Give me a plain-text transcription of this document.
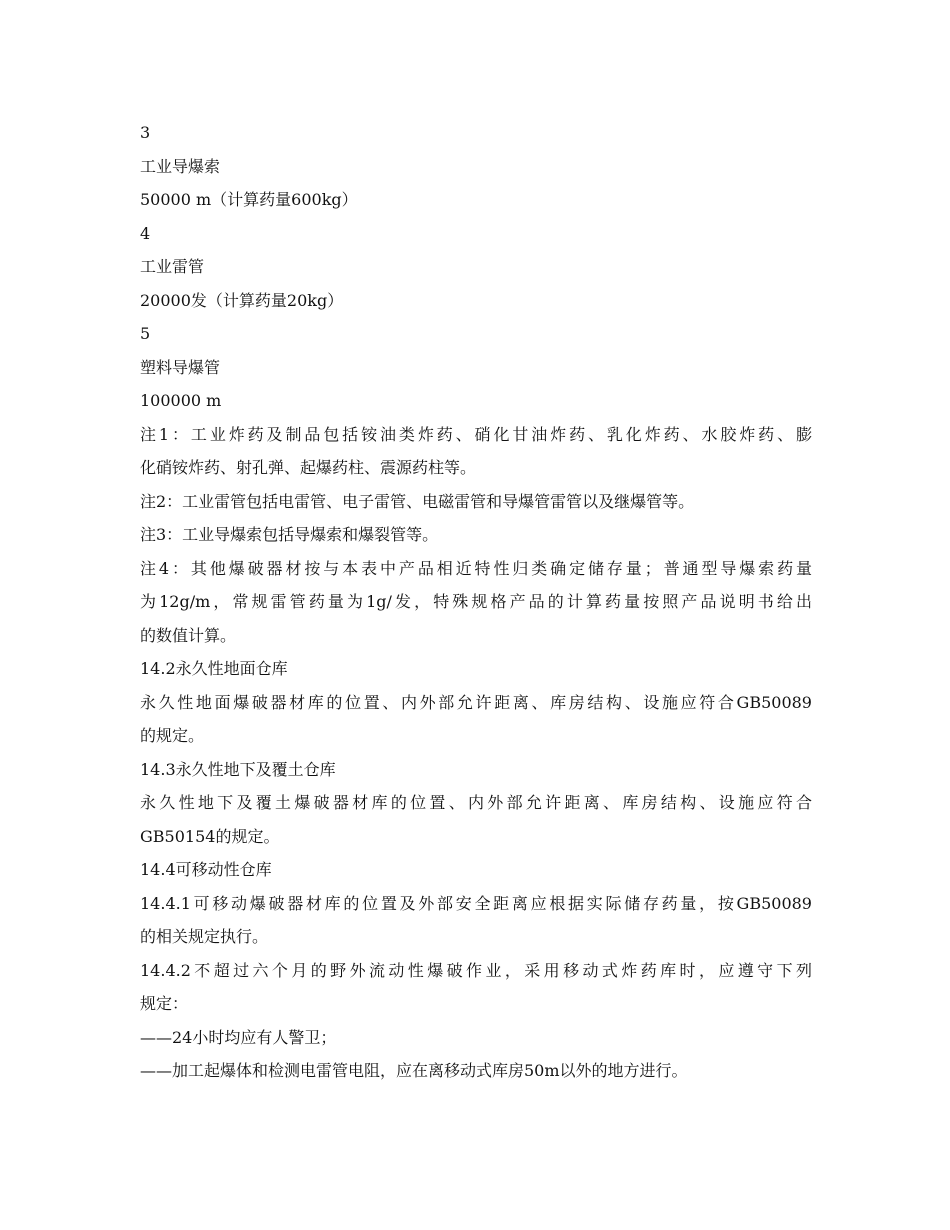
3

工业导爆索

50000 m（计算药量600kg）

4

工业雷管

20000发（计算药量20kg）

5

塑料导爆管

100000 m

注1：工业炸药及制品包括铵油类炸药、硝化甘油炸药、乳化炸药、水胶炸药、膨

化硝铵炸药、射孔弹、起爆药柱、震源药柱等。

注2：工业雷管包括电雷管、电子雷管、电磁雷管和导爆管雷管以及继爆管等。

注3：工业导爆索包括导爆索和爆裂管等。

注4：其他爆破器材按与本表中产品相近特性归类确定储存量；普通型导爆索药量

为12g/m，常规雷管药量为1g/发，特殊规格产品的计算药量按照产品说明书给出

的数值计算。

14.2永久性地面仓库

永久性地面爆破器材库的位置、内外部允许距离、库房结构、设施应符合GB50089

的规定。

14.3永久性地下及覆土仓库

永久性地下及覆土爆破器材库的位置、内外部允许距离、库房结构、设施应符合

GB50154的规定。

14.4可移动性仓库

14.4.1可移动爆破器材库的位置及外部安全距离应根据实际储存药量，按GB50089

的相关规定执行。

14.4.2不超过六个月的野外流动性爆破作业，采用移动式炸药库时，应遵守下列

规定：

——24小时均应有人警卫；

——加工起爆体和检测电雷管电阻，应在离移动式库房50m以外的地方进行。
